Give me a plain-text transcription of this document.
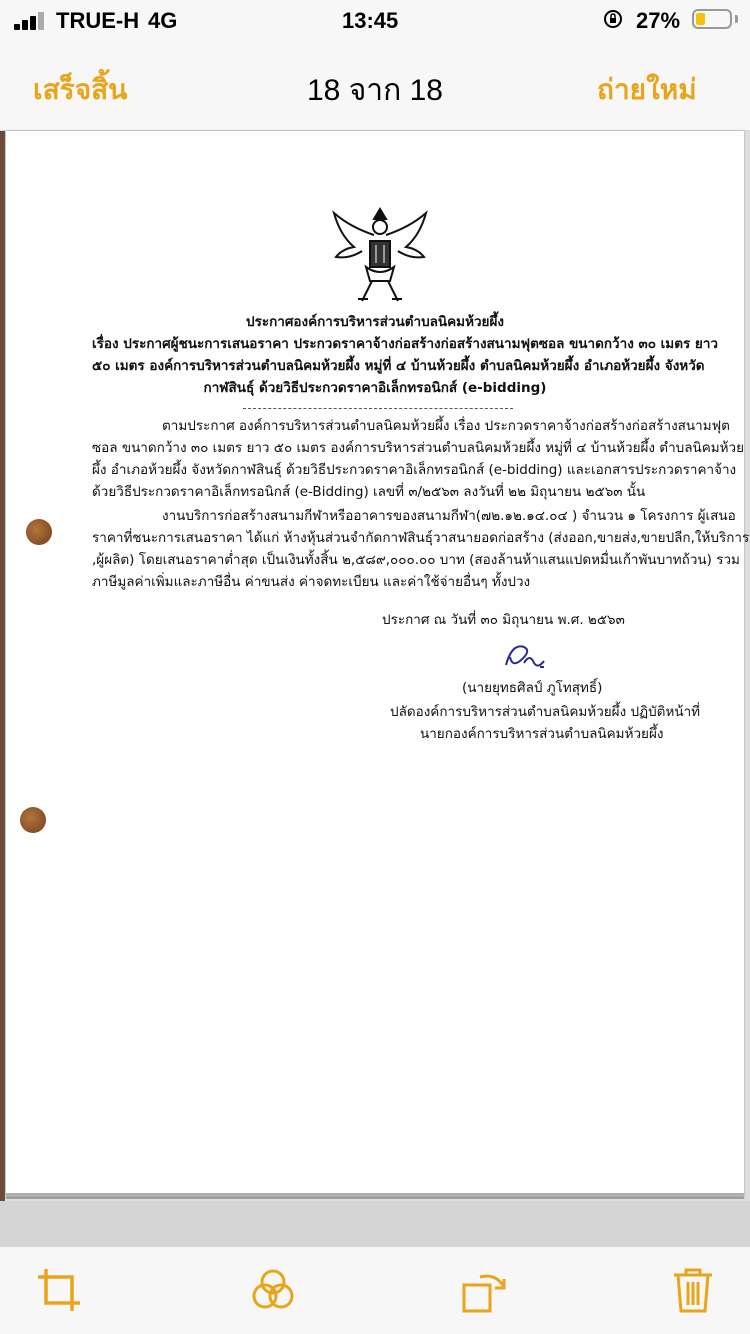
TRUE-H 4G	13:45	27%
เสร็จสิ้น	18 จาก 18	ถ่ายใหม่
ประกาศองค์การบริหารส่วนตำบลนิคมห้วยผึ้ง
เรื่อง ประกาศผู้ชนะการเสนอราคา ประกวดราคาจ้างก่อสร้างก่อสร้างสนามฟุตซอล ขนาดกว้าง ๓๐ เมตร ยาว
๕๐ เมตร องค์การบริหารส่วนตำบลนิคมห้วยผึ้ง หมู่ที่ ๔ บ้านห้วยผึ้ง ตำบลนิคมห้วยผึ้ง อำเภอห้วยผึ้ง จังหวัด
กาฬสินธุ์ ด้วยวิธีประกวดราคาอิเล็กทรอนิกส์ (e-bidding)
ตามประกาศ องค์การบริหารส่วนตำบลนิคมห้วยผึ้ง เรื่อง ประกวดราคาจ้างก่อสร้างก่อสร้างสนามฟุต
ซอล ขนาดกว้าง ๓๐ เมตร ยาว ๕๐ เมตร องค์การบริหารส่วนตำบลนิคมห้วยผึ้ง หมู่ที่ ๔ บ้านห้วยผึ้ง ตำบลนิคมห้วย
ผึ้ง อำเภอห้วยผึ้ง จังหวัดกาฬสินธุ์ ด้วยวิธีประกวดราคาอิเล็กทรอนิกส์ (e-bidding) และเอกสารประกวดราคาจ้าง
ด้วยวิธีประกวดราคาอิเล็กทรอนิกส์ (e-Bidding) เลขที่ ๓/๒๕๖๓ ลงวันที่ ๒๒ มิถุนายน ๒๕๖๓ นั้น
งานบริการก่อสร้างสนามกีฬาหรืออาคารของสนามกีฬา(๗๒.๑๒.๑๔.๐๔ ) จำนวน ๑ โครงการ ผู้เสนอ
ราคาที่ชนะการเสนอราคา ได้แก่ ห้างหุ้นส่วนจำกัดกาฬสินธุ์วาสนายอดก่อสร้าง (ส่งออก,ขายส่ง,ขายปลีก,ให้บริการ
,ผู้ผลิต) โดยเสนอราคาต่ำสุด เป็นเงินทั้งสิ้น ๒,๕๘๙,๐๐๐.๐๐ บาท (สองล้านห้าแสนแปดหมื่นเก้าพันบาทถ้วน) รวม
ภาษีมูลค่าเพิ่มและภาษีอื่น ค่าขนส่ง ค่าจดทะเบียน และค่าใช้จ่ายอื่นๆ ทั้งปวง
ประกาศ ณ วันที่ ๓๐ มิถุนายน พ.ศ. ๒๕๖๓
(นายยุทธศิลป์ ภูโทสุทธิ์)
ปลัดองค์การบริหารส่วนตำบลนิคมห้วยผึ้ง ปฏิบัติหน้าที่
นายกองค์การบริหารส่วนตำบลนิคมห้วยผึ้ง
